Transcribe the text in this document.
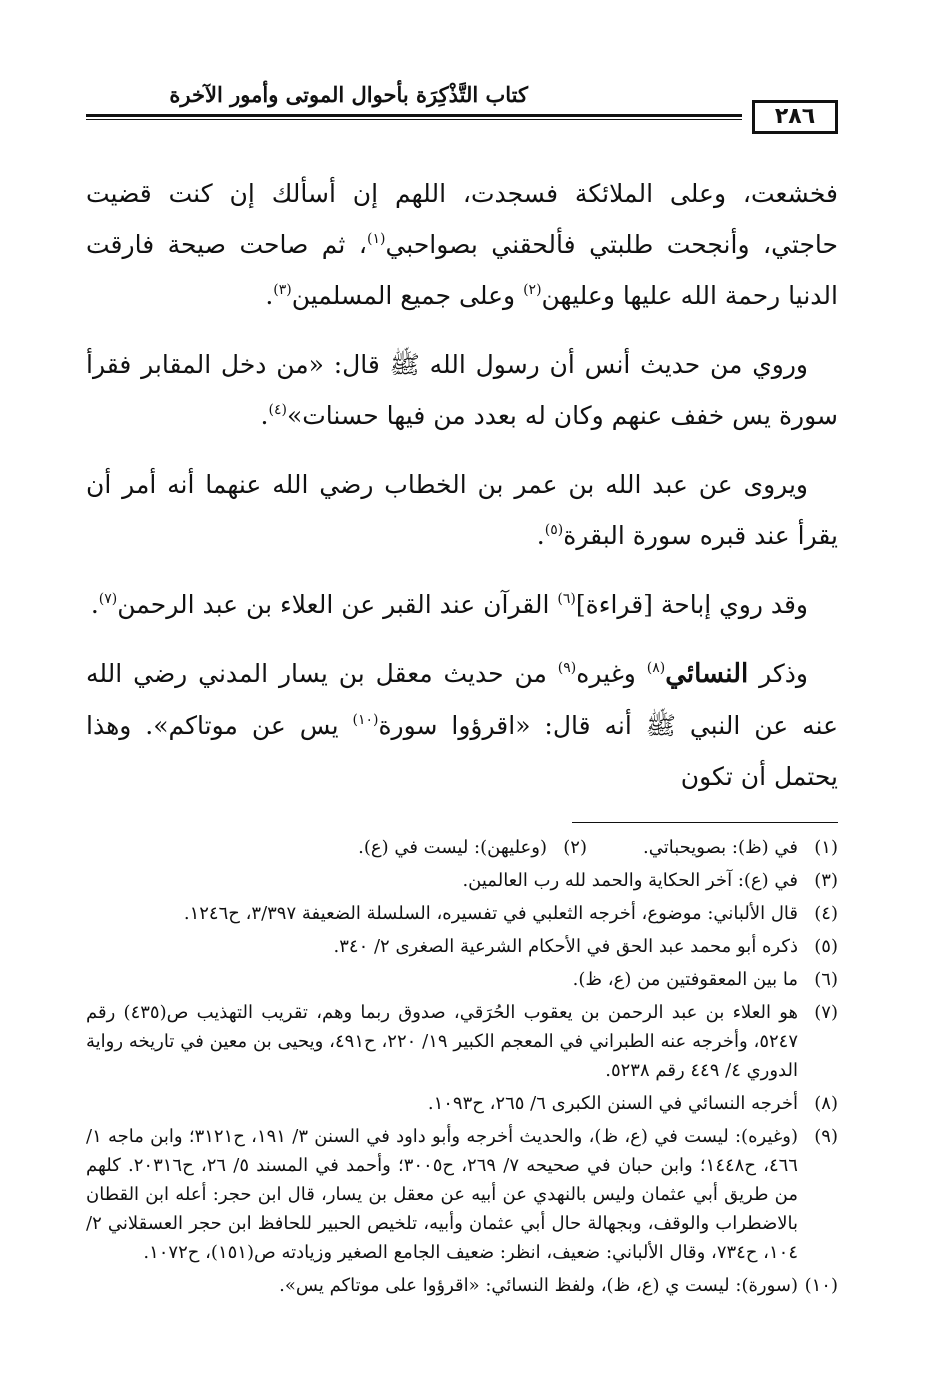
كتاب التَّذْكِرَة بأحوال الموتى وأمور الآخرة
٢٨٦

فخشعت، وعلى الملائكة فسجدت، اللهم إن أسألك إن كنت قضيت حاجتي، وأنجحت طلبتي فألحقني بصواحبي$^{(١)}$، ثم صاحت صيحة فارقت الدنيا رحمة الله عليها وعليهن$^{(٢)}$ وعلى جميع المسلمين$^{(٣)}$.

وروي من حديث أنس أن رسول الله ﷺ قال: «من دخل المقابر فقرأ سورة يس خفف عنهم وكان له بعدد من فيها حسنات»$^{(٤)}$.

ويروى عن عبد الله بن عمر بن الخطاب رضي الله عنهما أنه أمر أن يقرأ عند قبره سورة البقرة$^{(٥)}$.

وقد روي إباحة [قراءة]$^{(٦)}$ القرآن عند القبر عن العلاء بن عبد الرحمن$^{(٧)}$.

وذكر النسائي$^{(٨)}$ وغيره$^{(٩)}$ من حديث معقل بن يسار المدني رضي الله عنه عن النبي ﷺ أنه قال: «اقرؤوا سورة$^{(١٠)}$ يس عن موتاكم». وهذا يحتمل أن تكون

(١)
في (ظ): بصويحباتي.
(٢)
(وعليهن): ليست في (ع).
(٣)
في (ع): آخر الحكاية والحمد لله رب العالمين.
(٤)
قال الألباني: موضوع، أخرجه الثعلبي في تفسيره، السلسلة الضعيفة ٣/٣٩٧، ح١٢٤٦.
(٥)
ذكره أبو محمد عبد الحق في الأحكام الشرعية الصغرى ٢/ ٣٤٠.
(٦)
ما بين المعقوفتين من (ع، ظ).
(٧)
هو العلاء بن عبد الرحمن بن يعقوب الحُرَقي، صدوق ربما وهم، تقريب التهذيب ص(٤٣٥) رقم ٥٢٤٧، وأخرجه عنه الطبراني في المعجم الكبير ١٩/ ٢٢٠، ح٤٩١، ويحيى بن معين في تاريخه رواية الدوري ٤/ ٤٤٩ رقم ٥٢٣٨.
(٨)
أخرجه النسائي في السنن الكبرى ٦/ ٢٦٥، ح١٠٩٣.
(٩)
(وغيره): ليست في (ع، ظ)، والحديث أخرجه وأبو داود في السنن ٣/ ١٩١، ح٣١٢١؛ وابن ماجه ١/ ٤٦٦، ح١٤٤٨؛ وابن حبان في صحيحه ٧/ ٢٦٩، ح٣٠٠٥؛ وأحمد في المسند ٥/ ٢٦، ح٢٠٣١٦. كلهم من طريق أبي عثمان وليس بالنهدي عن أبيه عن معقل بن يسار، قال ابن حجر: أعله ابن القطان بالاضطراب والوقف، وبجهالة حال أبي عثمان وأبيه، تلخيص الحبير للحافظ ابن حجر العسقلاني ٢/ ١٠٤، ح٧٣٤، وقال الألباني: ضعيف، انظر: ضعيف الجامع الصغير وزيادته ص(١٥١)، ح١٠٧٢.
(١٠)
(سورة): ليست ي (ع، ظ)، ولفظ النسائي: «اقرؤوا على موتاكم يس».
